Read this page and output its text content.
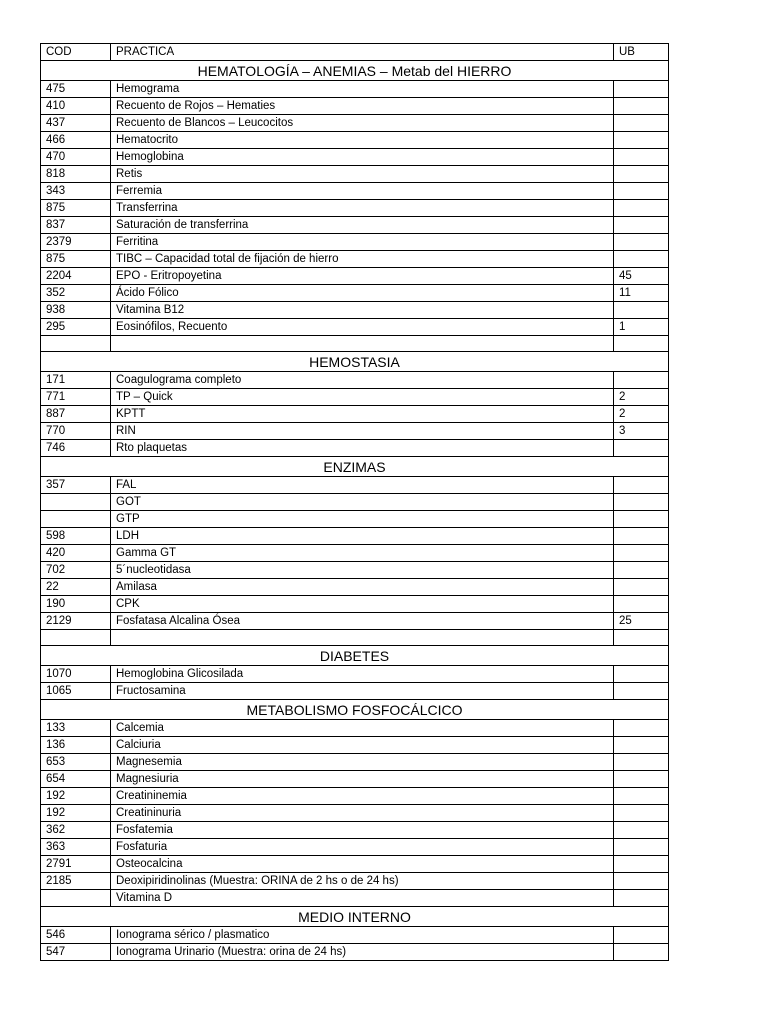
COD	PRACTICA	UB
HEMATOLOGÍA – ANEMIAS – Metab del HIERRO		
475	Hemograma	
410	Recuento de Rojos – Hematies	
437	Recuento de Blancos – Leucocitos	
466	Hematocrito	
470	Hemoglobina	
818	Retis	
343	Ferremia	
875	Transferrina	
837	Saturación de transferrina	
2379	Ferritina	
875	TIBC – Capacidad total de fijación de hierro	
2204	EPO - Eritropoyetina	45
352	Ácido Fólico	11
938	Vitamina B12	
295	Eosinófilos, Recuento	1

HEMOSTASIA		
171	Coagulograma completo	
771	TP – Quick	2
887	KPTT	2
770	RIN	3
746	Rto plaquetas	
ENZIMAS		
357	FAL	
	GOT	
	GTP	
598	LDH	
420	Gamma GT	
702	5´nucleotidasa	
22	Amilasa	
190	CPK	
2129	Fosfatasa Alcalina Ósea	25

DIABETES		
1070	Hemoglobina Glicosilada	
1065	Fructosamina	
METABOLISMO FOSFOCÁLCICO		
133	Calcemia	
136	Calciuria	
653	Magnesemia	
654	Magnesiuria	
192	Creatininemia	
192	Creatininuria	
362	Fosfatemia	
363	Fosfaturia	
2791	Osteocalcina	
2185	Deoxipiridinolinas (Muestra: ORINA de 2 hs o de 24 hs)	
	Vitamina D	
MEDIO INTERNO		
546	Ionograma sérico / plasmatico	
547	Ionograma Urinario (Muestra: orina de 24 hs)	
